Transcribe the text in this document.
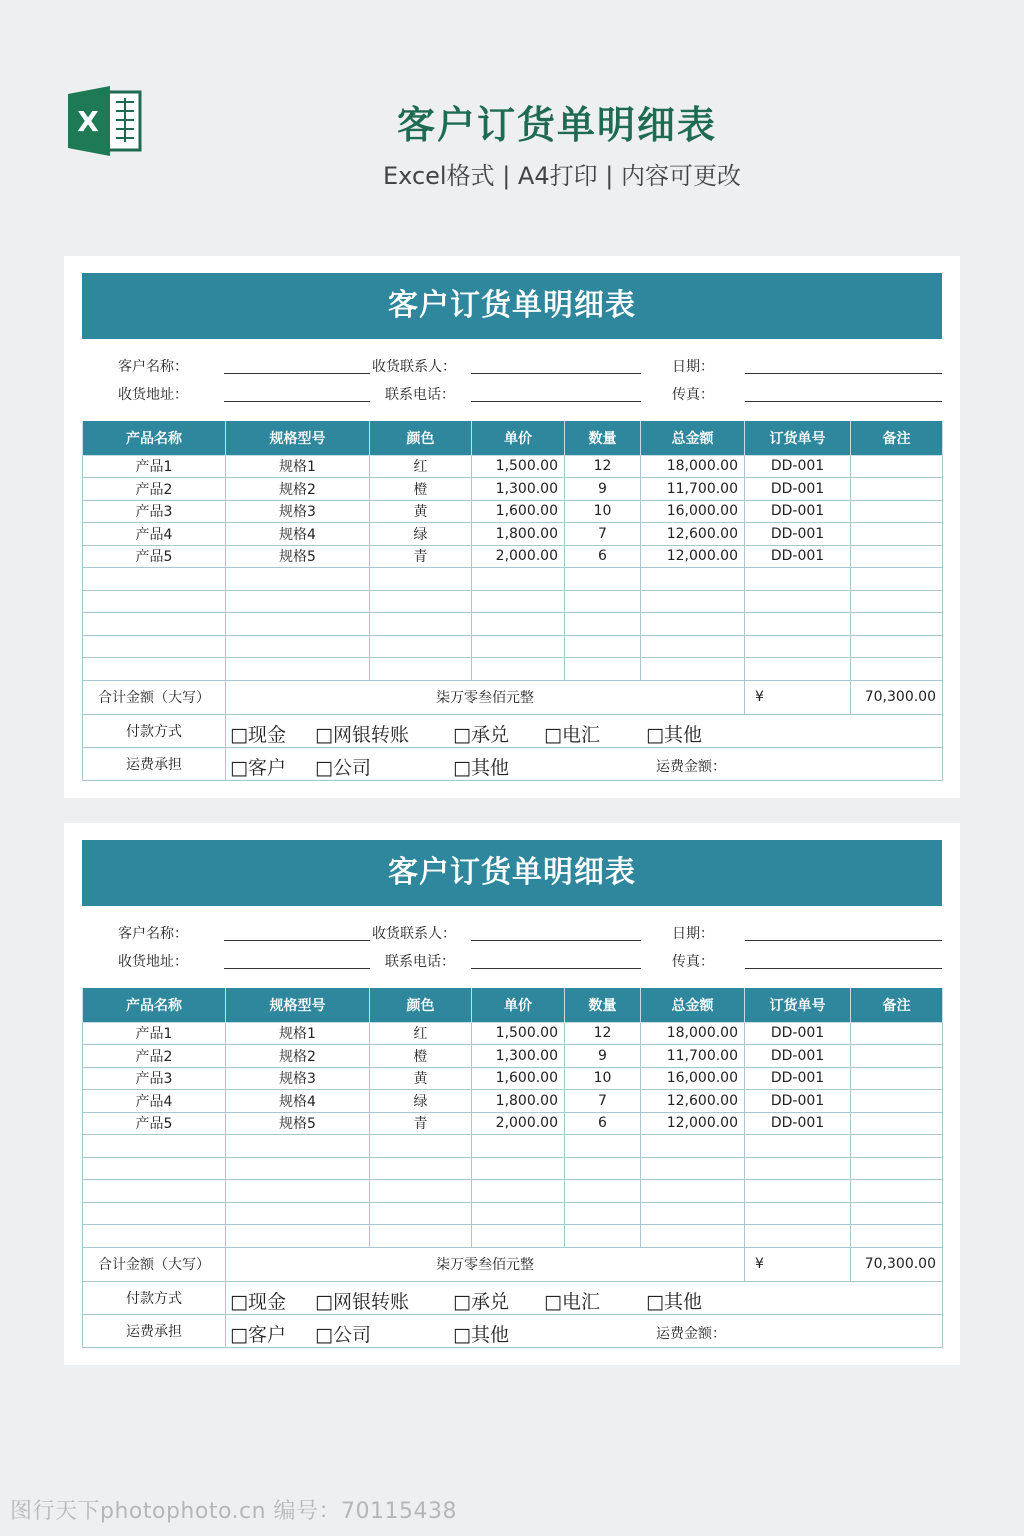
X	客户订货单明细表
Excel格式 | A4打印 | 内容可更改
客户订货单明细表
客户名称：	收货联系人：	日期：
收货地址：	联系电话：	传真：
产品名称	规格型号	颜色	单价	数量	总金额	订货单号	备注
产品1	规格1	红	1,500.00	12	18,000.00	DD-001	
产品2	规格2	橙	1,300.00	9	11,700.00	DD-001	
产品3	规格3	黄	1,600.00	10	16,000.00	DD-001	
产品4	规格4	绿	1,800.00	7	12,600.00	DD-001	
产品5	规格5	青	2,000.00	6	12,000.00	DD-001	

合计金额（大写）	柒万零叁佰元整					¥	70,300.00
付款方式	□现金 □网银转账 □承兑 □电汇 □其他						

运费承担	□客户 □公司 □其他 运费金额：						
客户订货单明细表
客户名称：	收货联系人：	日期：
收货地址：	联系电话：	传真：
产品名称	规格型号	颜色	单价	数量	总金额	订货单号	备注
产品1	规格1	红	1,500.00	12	18,000.00	DD-001	
产品2	规格2	橙	1,300.00	9	11,700.00	DD-001	
产品3	规格3	黄	1,600.00	10	16,000.00	DD-001	
产品4	规格4	绿	1,800.00	7	12,600.00	DD-001	
产品5	规格5	青	2,000.00	6	12,000.00	DD-001	

合计金额（大写）	柒万零叁佰元整					¥	70,300.00
付款方式	□现金 □网银转账 □承兑 □电汇 □其他						

运费承担	□客户 □公司 □其他 运费金额：						
图行天下photophoto.cn 编号：70115438
